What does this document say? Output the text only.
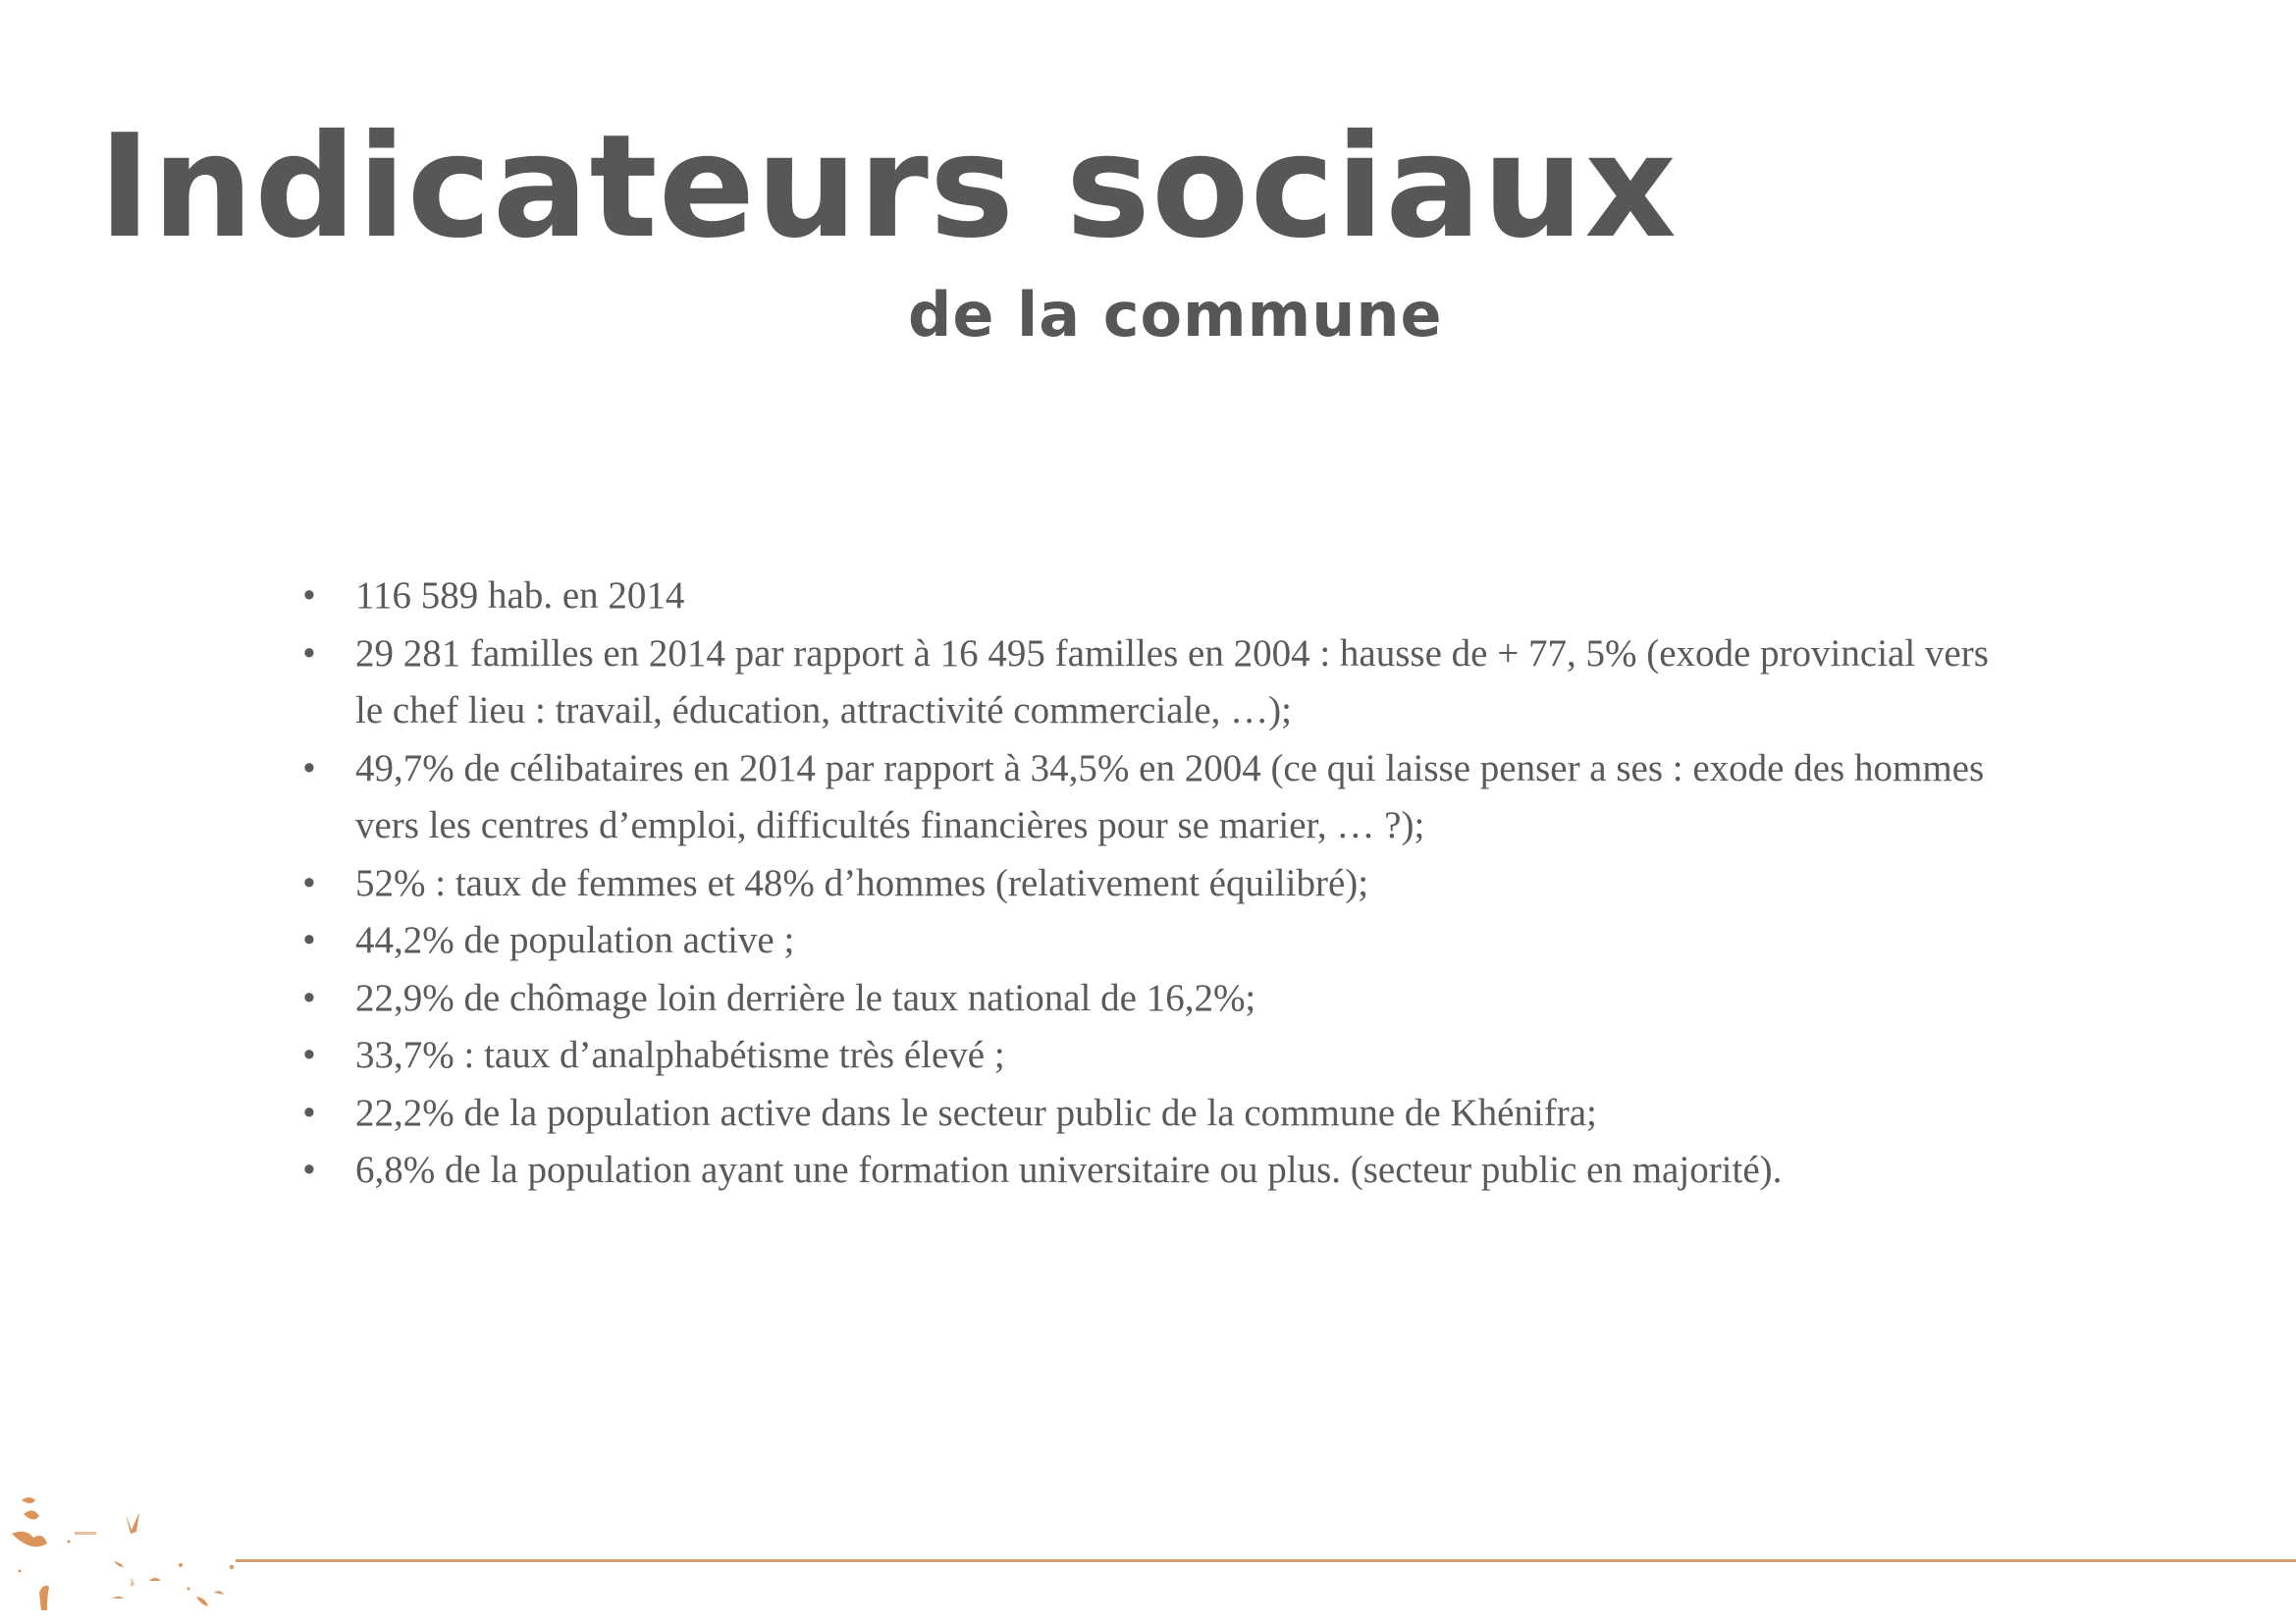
Indicateurs sociaux
de la commune
• 116 589 hab. en 2014
• 29 281 familles en 2014 par rapport à 16 495 familles en 2004 : hausse de + 77, 5% (exode provincial vers le chef lieu : travail, éducation, attractivité commerciale, …);
• 49,7% de célibataires en 2014 par rapport à 34,5% en 2004 (ce qui laisse penser a ses : exode des hommes vers les centres d’emploi, difficultés financières pour se marier, … ?);
• 52% : taux de femmes et 48% d’hommes (relativement équilibré);
• 44,2% de population active ;
• 22,9% de chômage loin derrière le taux national de 16,2%;
• 33,7% : taux d’analphabétisme très élevé ;
• 22,2% de la population active dans le secteur public de la commune de Khénifra;
• 6,8% de la population ayant une formation universitaire ou plus. (secteur public en majorité).
